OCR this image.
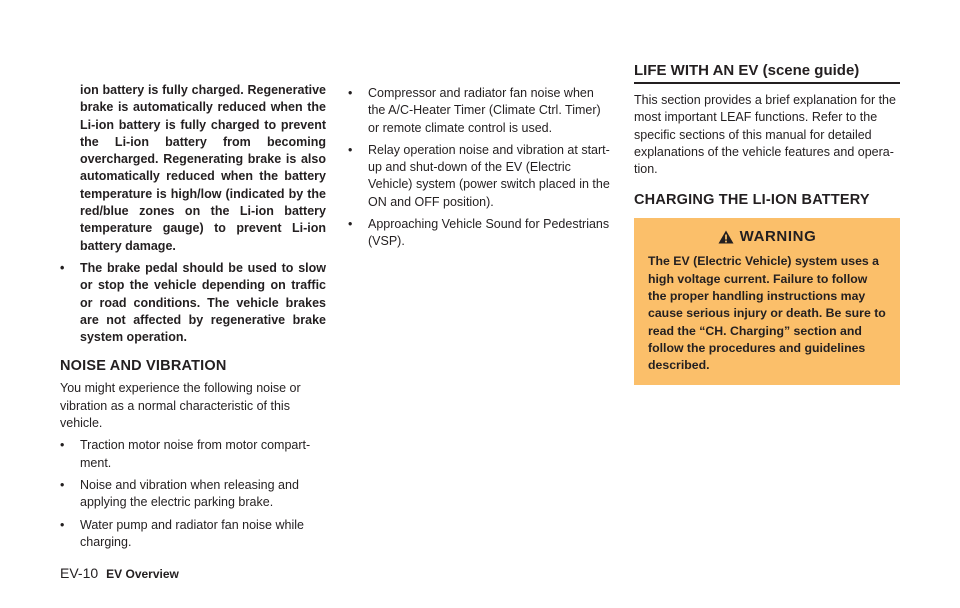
ion battery is fully charged. Regenerative brake is automatically reduced when the Li-ion battery is fully charged to prevent the Li-ion battery from becoming overcharged. Regenerating brake is also automatically reduced when the battery temperature is high/low (indicated by the red/blue zones on the Li-ion battery temperature gauge) to prevent Li-ion battery damage.

• The brake pedal should be used to slow or stop the vehicle depending on traffic or road conditions. The vehicle brakes are not affected by regenerative brake system operation.
NOISE AND VIBRATION

You might experience the following noise or vibration as a normal characteristic of this vehicle.

• Traction motor noise from motor compartment.
• Noise and vibration when releasing and applying the electric parking brake.
• Water pump and radiator fan noise while charging.
• Compressor and radiator fan noise when the A/C-Heater Timer (Climate Ctrl. Timer) or remote climate control is used.
• Relay operation noise and vibration at start-up and shut-down of the EV (Electric Vehicle) system (power switch placed in the ON and OFF position).
• Approaching Vehicle Sound for Pedestrians (VSP).
LIFE WITH AN EV (scene guide)

This section provides a brief explanation for the most important LEAF functions. Refer to the specific sections of this manual for detailed explanations of the vehicle features and operation.

CHARGING THE LI-ION BATTERY
WARNING

The EV (Electric Vehicle) system uses a high voltage current. Failure to follow the proper handling instructions may cause serious injury or death. Be sure to read the “CH. Charging” section and follow the procedures and guidelines described.

EV-10 EV Overview
